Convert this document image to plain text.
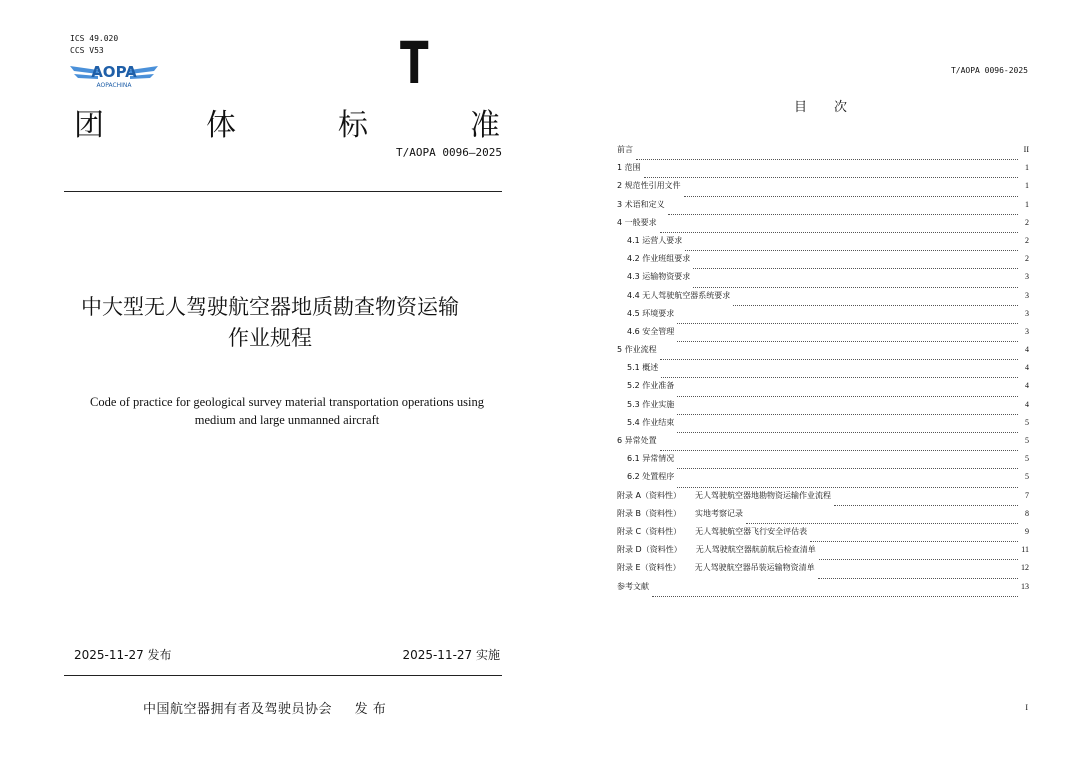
ICS 49.020
CCS V53
AOPA
AOPACHINA	T
团	体	标	准
T/AOPA 0096—2025
中大型无人驾驶航空器地质勘查物资运输
作业规程
Code of practice for geological survey material transportation operations using
medium and large unmanned aircraft
2025-11-27 发布	2025-11-27 实施
中国航空器拥有者及驾驶员协会 发 布
T/AOPA 0096-2025
目次
前言	II
1 范围	1
2 规范性引用文件	1
3 术语和定义	1
4 一般要求	2
4.1 运营人要求	2
4.2 作业班组要求	2
4.3 运输物资要求	3
4.4 无人驾驶航空器系统要求	3
4.5 环境要求	3
4.6 安全管理	3
5 作业流程	4
5.1 概述	4
5.2 作业准备	4
5.3 作业实施	4
5.4 作业结束	5
6 异常处置	5
6.1 异常情况	5
6.2 处置程序	5
附录 A（资料性） 无人驾驶航空器地勘物资运输作业流程	7
附录 B（资料性） 实地考察记录	8
附录 C（资料性） 无人驾驶航空器飞行安全评估表	9
附录 D（资料性） 无人驾驶航空器航前航后检查清单	11
附录 E（资料性） 无人驾驶航空器吊装运输物资清单	12
参考文献	13
I
